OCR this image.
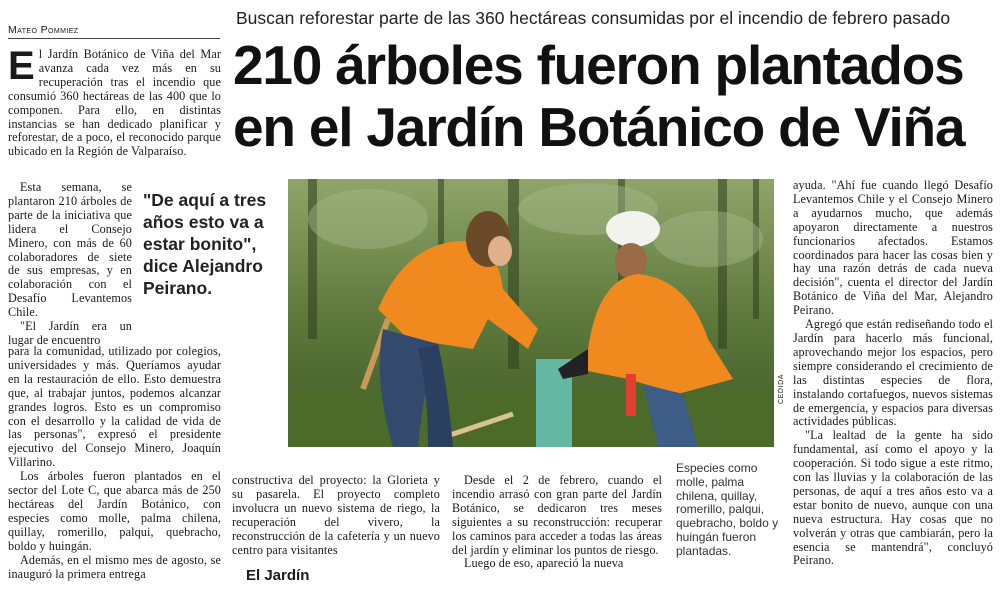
Mateo Pommiez
Buscan reforestar parte de las 360 hectáreas consumidas por el incendio de febrero pasado
210 árboles fueron plantados
en el Jardín Botánico de Viña

El Jardín Botánico de Viña del Mar avanza cada vez más en su recuperación tras el incendio que consumió 360 hectáreas de las 400 que lo componen. Para ello, en distintas instancias se han dedicado planificar y reforestar, de a poco, el reconocido parque ubicado en la Región de Valparaíso.

Esta semana, se plantaron 210 árboles de parte de la iniciativa que lidera el Consejo Minero, con más de 60 colaboradores de siete de sus empresas, y en colaboración con el Desafío Levantemos Chile.

"El Jardín era un lugar de encuentro

para la comunidad, utilizado por colegios, universidades y más. Queríamos ayudar en la restauración de ello. Esto demuestra que, al trabajar juntos, podemos alcanzar grandes logros. Esto es un compromiso con el desarrollo y la calidad de vida de las personas", expresó el presidente ejecutivo del Consejo Minero, Joaquín Villarino.

Los árboles fueron plantados en el sector del Lote C, que abarca más de 250 hectáreas del Jardín Botánico, con especies como molle, palma chilena, quillay, romerillo, palqui, quebracho, boldo y huingán.

Además, en el mismo mes de agosto, se inauguró la primera entrega

"De aquí a tres años esto va a estar bonito", dice Alejandro Peirano.
CEDIDA

constructiva del proyecto: la Glorieta y su pasarela. El proyecto completo involucra un nuevo sistema de riego, la recuperación del vivero, la reconstrucción de la cafetería y un nuevo centro para visitantes

El Jardín

Desde el 2 de febrero, cuando el incendio arrasó con gran parte del Jardín Botánico, se dedicaron tres meses siguientes a su reconstrucción: recuperar los caminos para acceder a todas las áreas del jardín y eliminar los puntos de riesgo.

Luego de eso, apareció la nueva

Especies como molle, palma chilena, quillay, romerillo, palqui, quebracho, boldo y huingán fueron plantadas.

ayuda. "Ahí fue cuando llegó Desafío Levantemos Chile y el Consejo Minero a ayudarnos mucho, que además apoyaron directamente a nuestros funcionarios afectados. Estamos coordinados para hacer las cosas bien y hay una razón detrás de cada nueva decisión", cuenta el director del Jardín Botánico de Viña del Mar, Alejandro Peirano.

Agregó que están rediseñando todo el Jardín para hacerlo más funcional, aprovechando mejor los espacios, pero siempre considerando el crecimiento de las distintas especies de flora, instalando cortafuegos, nuevos sistemas de emergencia, y espacios para diversas actividades públicas.

"La lealtad de la gente ha sido fundamental, así como el apoyo y la cooperación. Si todo sigue a este ritmo, con las lluvias y la colaboración de las personas, de aquí a tres años esto va a estar bonito de nuevo, aunque con una nueva estructura. Hay cosas que no volverán y otras que cambiarán, pero la esencia se mantendrá", concluyó Peirano.
